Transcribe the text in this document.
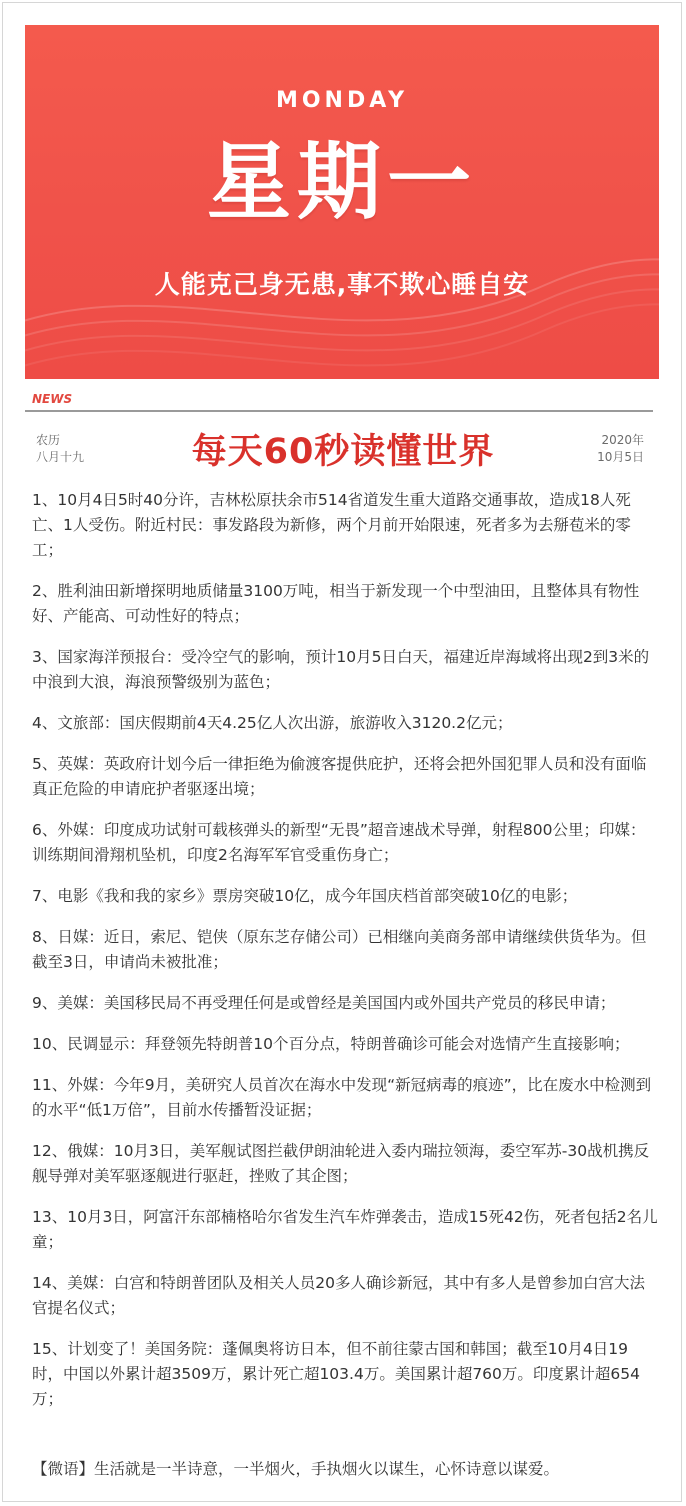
MONDAY
星期一
人能克己身无患,事不欺心睡自安
NEWS
农历
八月十九	每天60秒读懂世界	2020年
10月5日

1、10月4日5时40分许，吉林松原扶余市514省道发生重大道路交通事故，造成18人死亡、1人受伤。附近村民：事发路段为新修，两个月前开始限速，死者多为去掰苞米的零工；

2、胜利油田新增探明地质储量3100万吨，相当于新发现一个中型油田，且整体具有物性好、产能高、可动性好的特点；

3、国家海洋预报台：受冷空气的影响，预计10月5日白天，福建近岸海域将出现2到3米的中浪到大浪，海浪预警级别为蓝色；

4、文旅部：国庆假期前4天4.25亿人次出游，旅游收入3120.2亿元；

5、英媒：英政府计划今后一律拒绝为偷渡客提供庇护，还将会把外国犯罪人员和没有面临真正危险的申请庇护者驱逐出境；

6、外媒：印度成功试射可载核弹头的新型“无畏”超音速战术导弹，射程800公里；印媒：训练期间滑翔机坠机，印度2名海军军官受重伤身亡；

7、电影《我和我的家乡》票房突破10亿，成今年国庆档首部突破10亿的电影；

8、日媒：近日，索尼、铠侠（原东芝存储公司）已相继向美商务部申请继续供货华为。但截至3日，申请尚未被批准；

9、美媒：美国移民局不再受理任何是或曾经是美国国内或外国共产党员的移民申请；

10、民调显示：拜登领先特朗普10个百分点，特朗普确诊可能会对选情产生直接影响；

11、外媒：今年9月，美研究人员首次在海水中发现“新冠病毒的痕迹”，比在废水中检测到的水平“低1万倍”，目前水传播暂没证据；

12、俄媒：10月3日，美军舰试图拦截伊朗油轮进入委内瑞拉领海，委空军苏-30战机携反舰导弹对美军驱逐舰进行驱赶，挫败了其企图；

13、10月3日，阿富汗东部楠格哈尔省发生汽车炸弹袭击，造成15死42伤，死者包括2名儿童；

14、美媒：白宫和特朗普团队及相关人员20多人确诊新冠，其中有多人是曾参加白宫大法官提名仪式；

15、计划变了！美国务院：蓬佩奥将访日本，但不前往蒙古国和韩国；截至10月4日19时，中国以外累计超3509万，累计死亡超103.4万。美国累计超760万。印度累计超654万；

【微语】生活就是一半诗意，一半烟火，手执烟火以谋生，心怀诗意以谋爱。
